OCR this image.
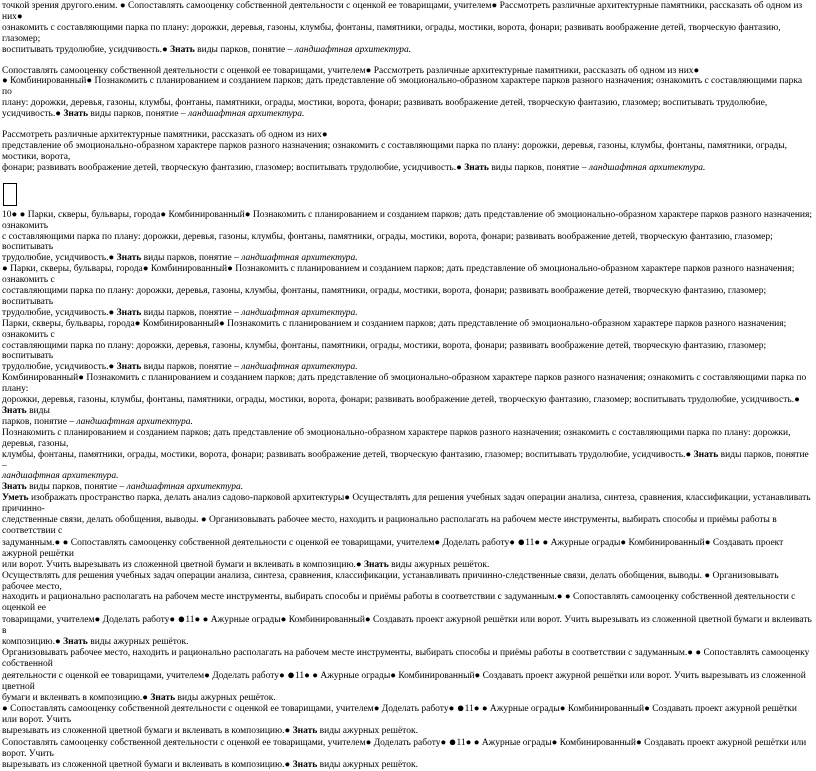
точкой зрения другого.еним. ● Сопоставлять самооценку собственной деятельности с оценкой ее товарищами, учителем● Рассмотреть различные архитектурные памятники, рассказать об одном из
них●
ознакомить с составляющими парка по плану: дорожки, деревья, газоны, клумбы, фонтаны, памятники, ограды, мостики, ворота, фонари; развивать воображение детей, творческую фантазию, глазомер;
воспитывать трудолюбие, усидчивость.● Знать виды парков, понятие – ландшафтная архитектура.
Сопоставлять самооценку собственной деятельности с оценкой ее товарищами, учителем● Рассмотреть различные архитектурные памятники, рассказать об одном из них●
● Комбинированный● Познакомить с планированием и созданием парков; дать представление об эмоционально-образном характере парков разного назначения; ознакомить с составляющими парка по
плану: дорожки, деревья, газоны, клумбы, фонтаны, памятники, ограды, мостики, ворота, фонари; развивать воображение детей, творческую фантазию, глазомер; воспитывать трудолюбие, усидчивость.● Знать виды парков, понятие – ландшафтная архитектура.
Рассмотреть различные архитектурные памятники, рассказать об одном из них●
представление об эмоционально-образном характере парков разного назначения; ознакомить с составляющими парка по плану: дорожки, деревья, газоны, клумбы, фонтаны, памятники, ограды, мостики, ворота,
фонари; развивать воображение детей, творческую фантазию, глазомер; воспитывать трудолюбие, усидчивость.● Знать виды парков, понятие – ландшафтная архитектура.
10● ● Парки, скверы, бульвары, города● Комбинированный● Познакомить с планированием и созданием парков; дать представление об эмоционально-образном характере парков разного назначения; ознакомить
с составляющими парка по плану: дорожки, деревья, газоны, клумбы, фонтаны, памятники, ограды, мостики, ворота, фонари; развивать воображение детей, творческую фантазию, глазомер; воспитывать
трудолюбие, усидчивость.● Знать виды парков, понятие – ландшафтная архитектура.
● Парки, скверы, бульвары, города● Комбинированный● Познакомить с планированием и созданием парков; дать представление об эмоционально-образном характере парков разного назначения; ознакомить с
составляющими парка по плану: дорожки, деревья, газоны, клумбы, фонтаны, памятники, ограды, мостики, ворота, фонари; развивать воображение детей, творческую фантазию, глазомер; воспитывать
трудолюбие, усидчивость.● Знать виды парков, понятие – ландшафтная архитектура.
Парки, скверы, бульвары, города● Комбинированный● Познакомить с планированием и созданием парков; дать представление об эмоционально-образном характере парков разного назначения; ознакомить с
составляющими парка по плану: дорожки, деревья, газоны, клумбы, фонтаны, памятники, ограды, мостики, ворота, фонари; развивать воображение детей, творческую фантазию, глазомер; воспитывать
трудолюбие, усидчивость.● Знать виды парков, понятие – ландшафтная архитектура.
Комбинированный● Познакомить с планированием и созданием парков; дать представление об эмоционально-образном характере парков разного назначения; ознакомить с составляющими парка по плану:
дорожки, деревья, газоны, клумбы, фонтаны, памятники, ограды, мостики, ворота, фонари; развивать воображение детей, творческую фантазию, глазомер; воспитывать трудолюбие, усидчивость.● Знать виды
парков, понятие – ландшафтная архитектура.
Познакомить с планированием и созданием парков; дать представление об эмоционально-образном характере парков разного назначения; ознакомить с составляющими парка по плану: дорожки, деревья, газоны,
клумбы, фонтаны, памятники, ограды, мостики, ворота, фонари; развивать воображение детей, творческую фантазию, глазомер; воспитывать трудолюбие, усидчивость.● Знать виды парков, понятие –
ландшафтная архитектура.
Знать виды парков, понятие – ландшафтная архитектура.
Уметь изображать пространство парка, делать анализ садово-парковой архитектуры● Осуществлять для решения учебных задач операции анализа, синтеза, сравнения, классификации, устанавливать причинно-
следственные связи, делать обобщения, выводы. ● Организовывать рабочее место, находить и рационально располагать на рабочем месте инструменты, выбирать способы и приёмы работы в соответствии с
задуманным.● ● Сопоставлять самооценку собственной деятельности с оценкой ее товарищами, учителем● Доделать работу● ●11● ● Ажурные ограды● Комбинированный● Создавать проект ажурной решётки
или ворот. Учить вырезывать из сложенной цветной бумаги и вклеивать в композицию.● Знать виды ажурных решёток.
Осуществлять для решения учебных задач операции анализа, синтеза, сравнения, классификации, устанавливать причинно-следственные связи, делать обобщения, выводы. ● Организовывать рабочее место,
находить и рационально располагать на рабочем месте инструменты, выбирать способы и приёмы работы в соответствии с задуманным.● ● Сопоставлять самооценку собственной деятельности с оценкой ее
товарищами, учителем● Доделать работу● ●11● ● Ажурные ограды● Комбинированный● Создавать проект ажурной решётки или ворот. Учить вырезывать из сложенной цветной бумаги и вклеивать в
композицию.● Знать виды ажурных решёток.
Организовывать рабочее место, находить и рационально располагать на рабочем месте инструменты, выбирать способы и приёмы работы в соответствии с задуманным.● ● Сопоставлять самооценку собственной
деятельности с оценкой ее товарищами, учителем● Доделать работу● ●11● ● Ажурные ограды● Комбинированный● Создавать проект ажурной решётки или ворот. Учить вырезывать из сложенной цветной
бумаги и вклеивать в композицию.● Знать виды ажурных решёток.
● Сопоставлять самооценку собственной деятельности с оценкой ее товарищами, учителем● Доделать работу● ●11● ● Ажурные ограды● Комбинированный● Создавать проект ажурной решётки или ворот. Учить
вырезывать из сложенной цветной бумаги и вклеивать в композицию.● Знать виды ажурных решёток.
Сопоставлять самооценку собственной деятельности с оценкой ее товарищами, учителем● Доделать работу● ●11● ● Ажурные ограды● Комбинированный● Создавать проект ажурной решётки или ворот. Учить
вырезывать из сложенной цветной бумаги и вклеивать в композицию.● Знать виды ажурных решёток.
